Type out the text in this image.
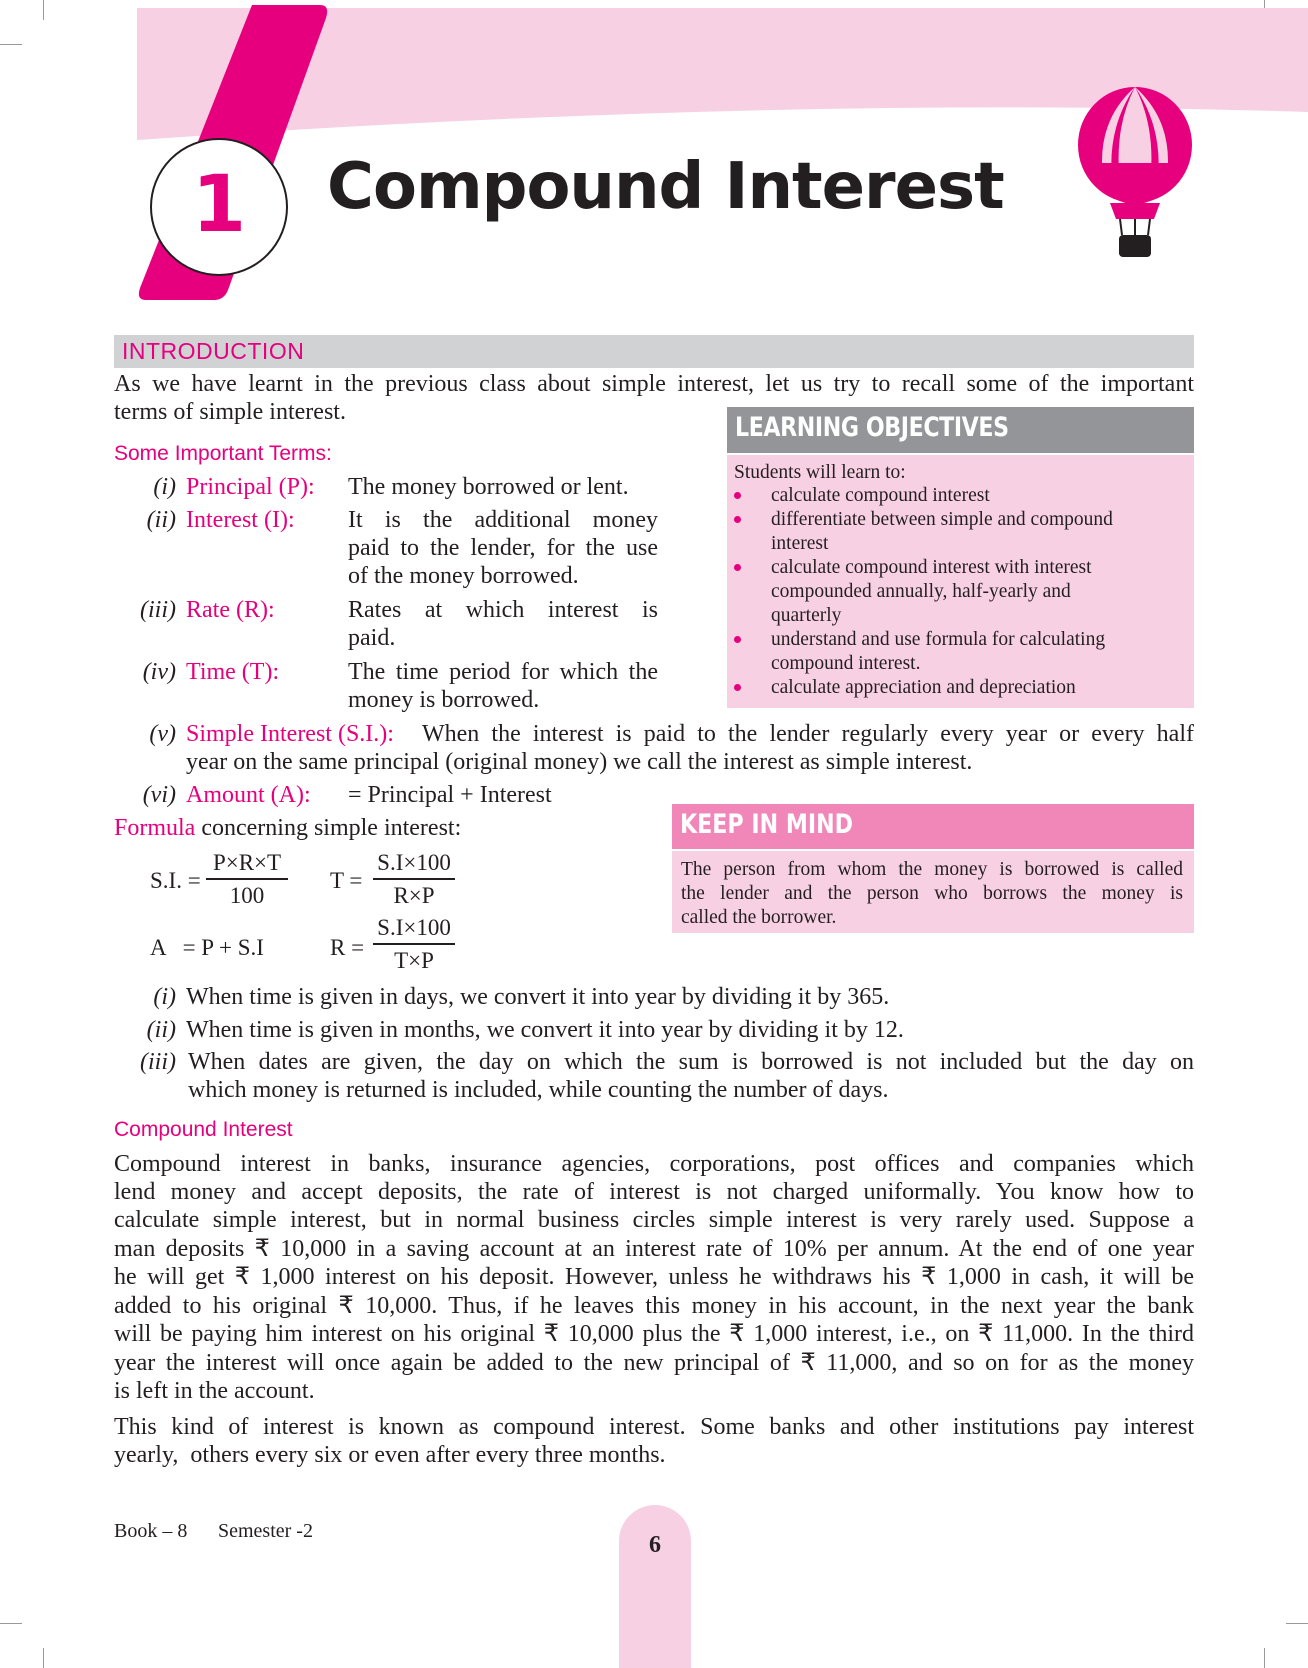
1	Compound Interest
INTRODUCTION
As we have learnt in the previous class about simple interest, let us try to recall some of the important
terms of simple interest.
Some Important Terms:
(i) Principal (P): The money borrowed or lent.
(ii) Interest (I): It is the additional money
paid to the lender, for the use
of the money borrowed.
(iii) Rate (R):	Rates at which interest is
paid.
(iv) Time (T):	The time period for which the
money is borrowed.
(v) Simple Interest (S.I.): When the interest is paid to the lender regularly every year or every half
year on the same principal (original money) we call the interest as simple interest.
(vi) Amount (A): = Principal + Interest
LEARNING OBJECTIVES
Students will learn to:
calculate compound interest
differentiate between simple and compound
interest
calculate compound interest with interest
compounded annually, half-yearly and
quarterly
understand and use formula for calculating
compound interest.
calculate appreciation and depreciation
Formula concerning simple interest:
S.I. =
P×R×T
100
T =
S.I×100
R×P
A   = P + S.I	R =
S.I×100
T×P
KEEP IN MIND
The person from whom the money is borrowed is called
the lender and the person who borrows the money is
called the borrower.
(i) When time is given in days, we convert it into year by dividing it by 365.
(ii) When time is given in months, we convert it into year by dividing it by 12.
(iii) When dates are given, the day on which the sum is borrowed is not included but the day on
which money is returned is included, while counting the number of days.
Compound Interest
Compound interest in banks, insurance agencies, corporations, post offices and companies which
lend money and accept deposits, the rate of interest is not charged uniformally. You know how to
calculate simple interest, but in normal business circles simple interest is very rarely used. Suppose a
man deposits ₹ 10,000 in a saving account at an interest rate of 10% per annum. At the end of one year
he will get ₹ 1,000 interest on his deposit. However, unless he withdraws his ₹ 1,000 in cash, it will be
added to his original ₹ 10,000. Thus, if he leaves this money in his account, in the next year the bank
will be paying him interest on his original ₹ 10,000 plus the ₹ 1,000 interest, i.e., on ₹ 11,000. In the third
year the interest will once again be added to the new principal of ₹ 11,000, and so on for as the money
is left in the account.
This kind of interest is known as compound interest. Some banks and other institutions pay interest
yearly,  others every six or even after every three months.
Book – 8 Semester -2
6
